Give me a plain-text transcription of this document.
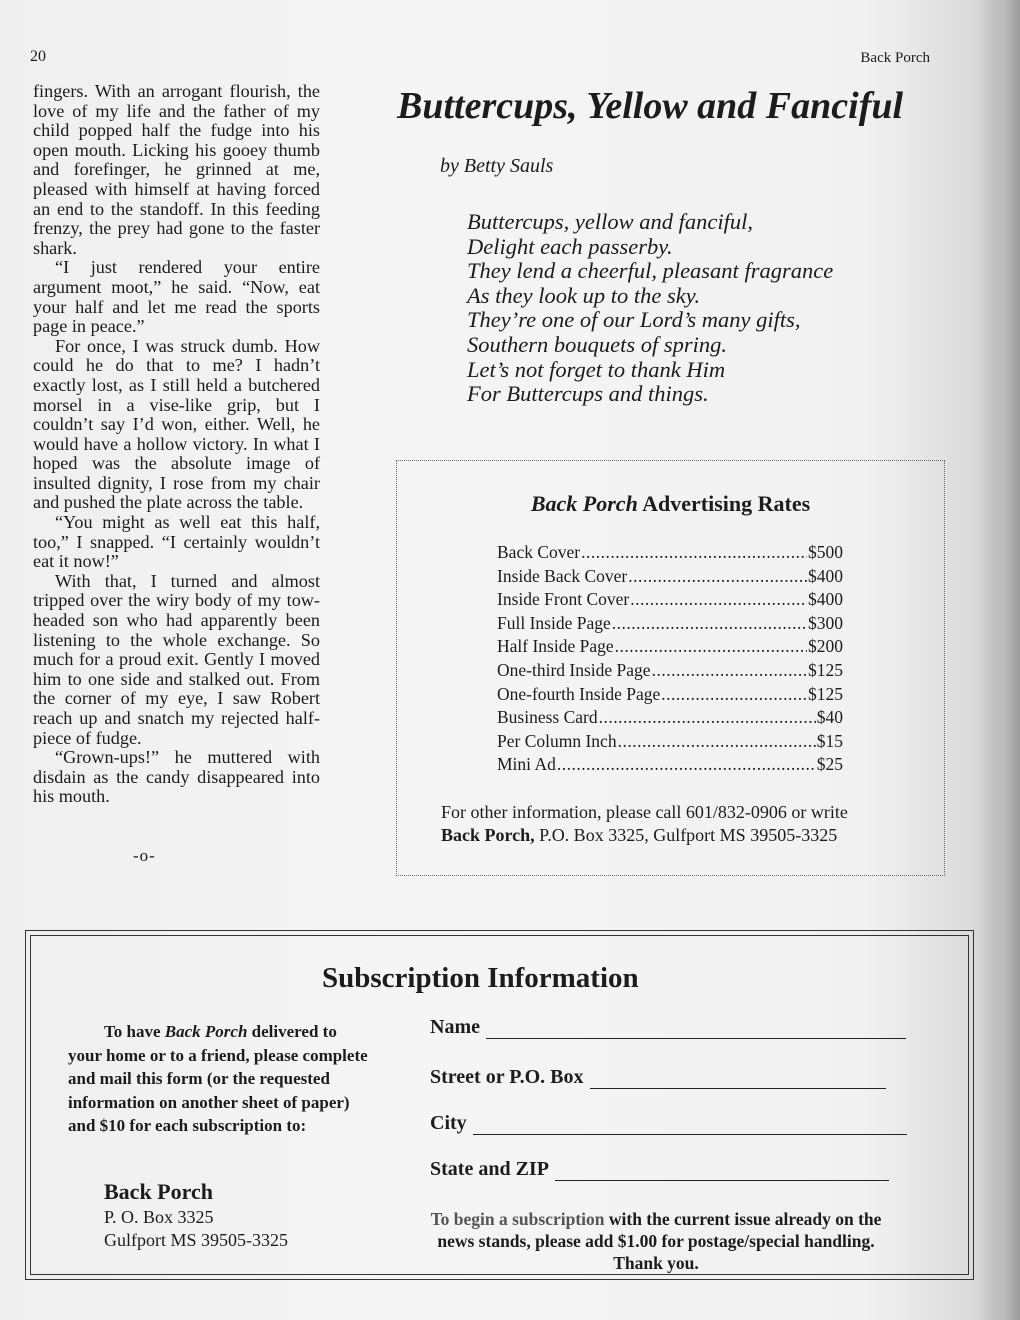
20	Back Porch

fingers. With an arrogant flourish, the love of my life and the father of my child popped half the fudge into his open mouth. Licking his gooey thumb and forefinger, he grinned at me, pleased with himself at having forced an end to the standoff. In this feeding frenzy, the prey had gone to the faster shark.

“I just rendered your entire argument moot,” he said. “Now, eat your half and let me read the sports page in peace.”

For once, I was struck dumb. How could he do that to me? I hadn’t exactly lost, as I still held a butchered morsel in a vise-like grip, but I couldn’t say I’d won, either. Well, he would have a hollow victory. In what I hoped was the absolute image of insulted dignity, I rose from my chair and pushed the plate across the table.

“You might as well eat this half, too,” I snapped. “I certainly wouldn’t eat it now!”

With that, I turned and almost tripped over the wiry body of my tow-headed son who had apparently been listening to the whole exchange. So much for a proud exit. Gently I moved him to one side and stalked out. From the corner of my eye, I saw Robert reach up and snatch my rejected half-piece of fudge.

“Grown-ups!” he muttered with disdain as the candy disappeared into his mouth.

-o-
Buttercups, Yellow and Fanciful
by Betty Sauls
Buttercups, yellow and fanciful,
Delight each passerby.
They lend a cheerful, pleasant fragrance
As they look up to the sky.
They’re one of our Lord’s many gifts,
Southern bouquets of spring.
Let’s not forget to thank Him
For Buttercups and things.
Back Porch Advertising Rates
Back Cover .....	$500
Inside Back Cover .....	$400
Inside Front Cover .....	$400
Full Inside Page .....	$300
Half Inside Page .....	$200
One-third Inside Page .....	$125
One-fourth Inside Page .....	$125
Business Card .....	$40
Per Column Inch .....	$15
Mini Ad .....	$25
For other information, please call 601/832-0906 or write
Back Porch, P.O. Box 3325, Gulfport MS 39505-3325
Subscription Information

To have Back Porch delivered to your home or to a friend, please complete and mail this form (or the requested information on another sheet of paper) and $10 for each subscription to:

Back Porch
P. O. Box 3325
Gulfport MS 39505-3325
Name
Street or P.O. Box
City
State and ZIP
To begin a subscription with the current issue already on the news stands, please add $1.00 for postage/special handling. Thank you.
